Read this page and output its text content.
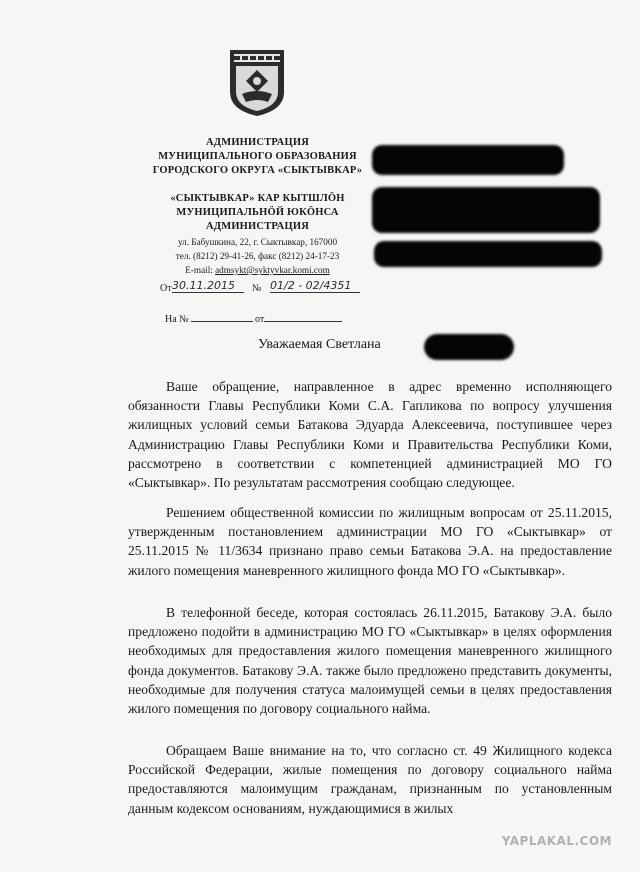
АДМИНИСТРАЦИЯ
МУНИЦИПАЛЬНОГО ОБРАЗОВАНИЯ
ГОРОДСКОГО ОКРУГА «СЫКТЫВКАР»
«СЫКТЫВКАР» КАР КЫТШЛӦН
МУНИЦИПАЛЬНӦЙ ЮКӦНСА
АДМИНИСТРАЦИЯ
ул. Бабушкина, 22, г. Сыктывкар, 167000
тел. (8212) 29-41-26, факс (8212) 24-17-23
E-mail: admsykt@syktyvkar.komi.com
От 30.11.2015	№ 01/2 - 02/4351
На №	от
Уважаемая Светлана
Ваше обращение, направленное в адрес временно исполняющего обязанности Главы Республики Коми С.А. Гапликова по вопросу улучшения жилищных условий семьи Батакова Эдуарда Алексеевича, поступившее через Администрацию Главы Республики Коми и Правительства Республики Коми, рассмотрено в соответствии с компетенцией администрацией МО ГО «Сыктывкар». По результатам рассмотрения сообщаю следующее.
Решением общественной комиссии по жилищным вопросам от 25.11.2015, утвержденным постановлением администрации МО ГО «Сыктывкар» от 25.11.2015 № 11/3634 признано право семьи Батакова Э.А. на предоставление жилого помещения маневренного жилищного фонда МО ГО «Сыктывкар».
В телефонной беседе, которая состоялась 26.11.2015, Батакову Э.А. было предложено подойти в администрацию МО ГО «Сыктывкар» в целях оформления необходимых для предоставления жилого помещения маневренного жилищного фонда документов. Батакову Э.А. также было предложено представить документы, необходимые для получения статуса малоимущей семьи в целях предоставления жилого помещения по договору социального найма.
Обращаем Ваше внимание на то, что согласно ст. 49 Жилищного кодекса Российской Федерации, жилые помещения по договору социального найма предоставляются малоимущим гражданам, признанным по установленным данным кодексом основаниям, нуждающимися в жилых
YAPLAKAL.COM
